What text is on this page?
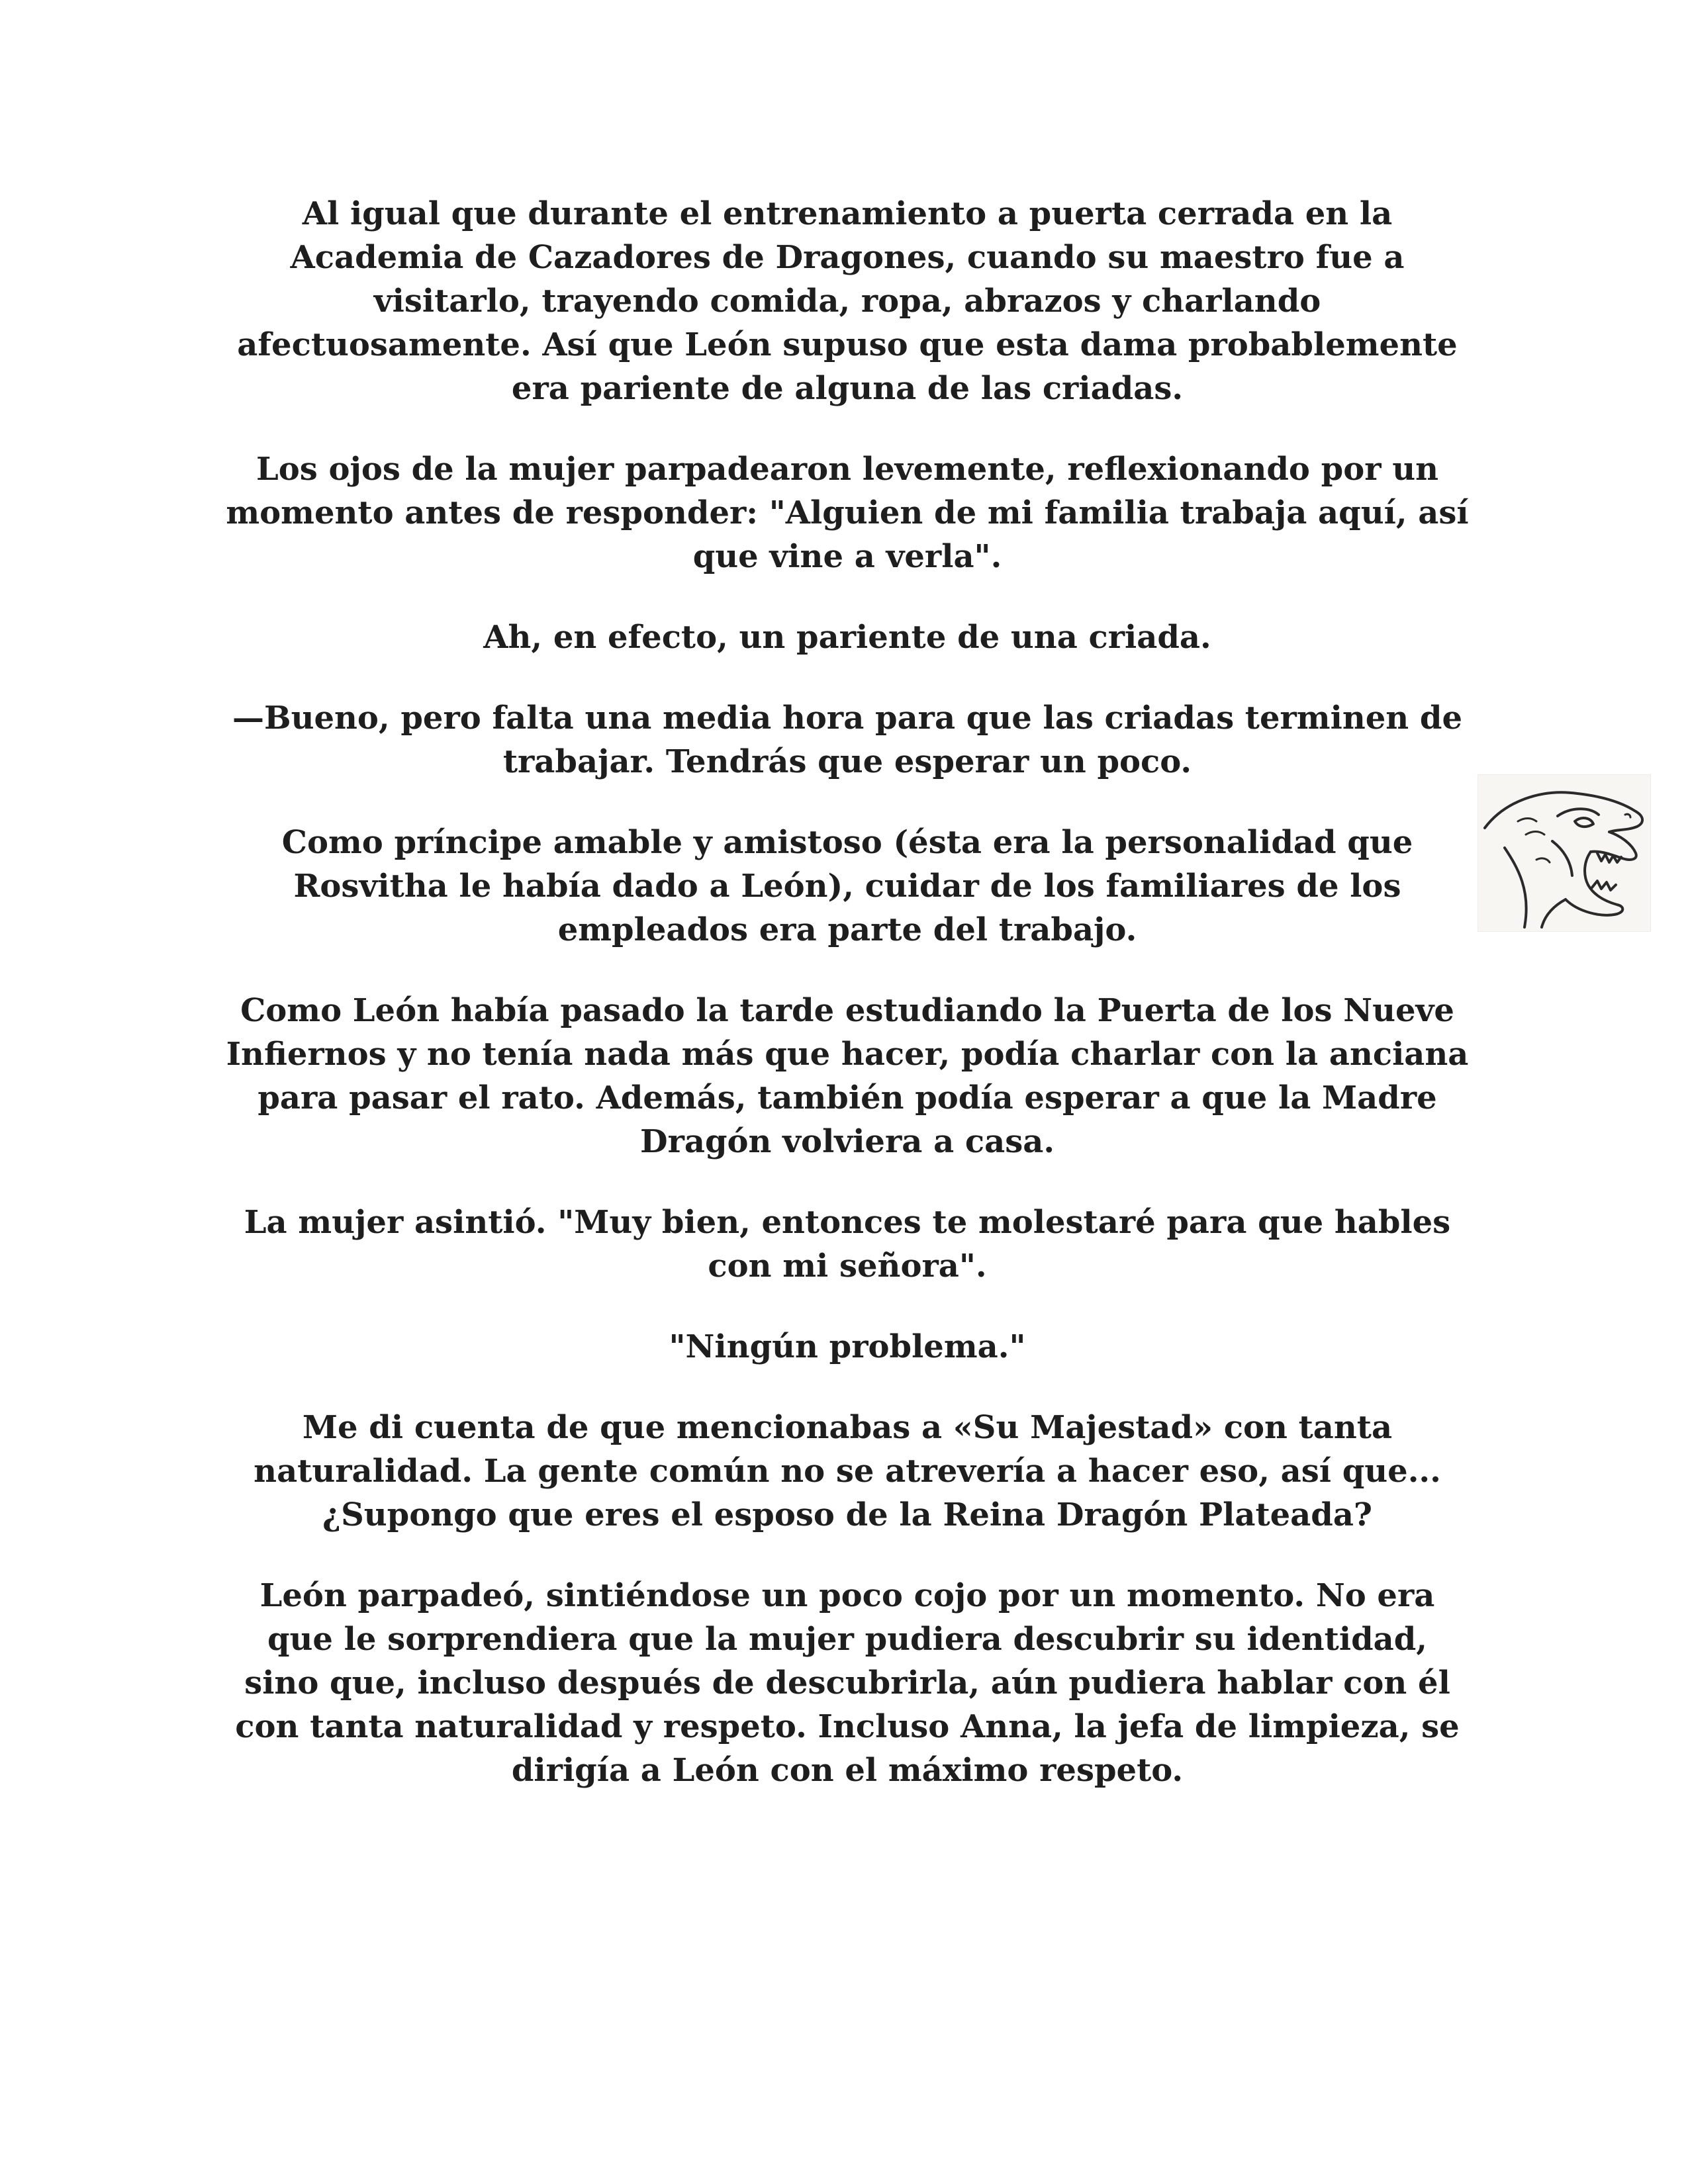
Al igual que durante el entrenamiento a puerta cerrada en la Academia de Cazadores de Dragones, cuando su maestro fue a visitarlo, trayendo comida, ropa, abrazos y charlando afectuosamente. Así que León supuso que esta dama probablemente era pariente de alguna de las criadas.

Los ojos de la mujer parpadearon levemente, reflexionando por un momento antes de responder: "Alguien de mi familia trabaja aquí, así que vine a verla".

Ah, en efecto, un pariente de una criada.

—Bueno, pero falta una media hora para que las criadas terminen de trabajar. Tendrás que esperar un poco.

Como príncipe amable y amistoso (ésta era la personalidad que Rosvitha le había dado a León), cuidar de los familiares de los empleados era parte del trabajo.

Como León había pasado la tarde estudiando la Puerta de los Nueve Infiernos y no tenía nada más que hacer, podía charlar con la anciana para pasar el rato. Además, también podía esperar a que la Madre Dragón volviera a casa.

La mujer asintió. "Muy bien, entonces te molestaré para que hables con mi señora".

"Ningún problema."

Me di cuenta de que mencionabas a «Su Majestad» con tanta naturalidad. La gente común no se atrevería a hacer eso, así que... ¿Supongo que eres el esposo de la Reina Dragón Plateada?

León parpadeó, sintiéndose un poco cojo por un momento. No era que le sorprendiera que la mujer pudiera descubrir su identidad, sino que, incluso después de descubrirla, aún pudiera hablar con él con tanta naturalidad y respeto. Incluso Anna, la jefa de limpieza, se dirigía a León con el máximo respeto.
